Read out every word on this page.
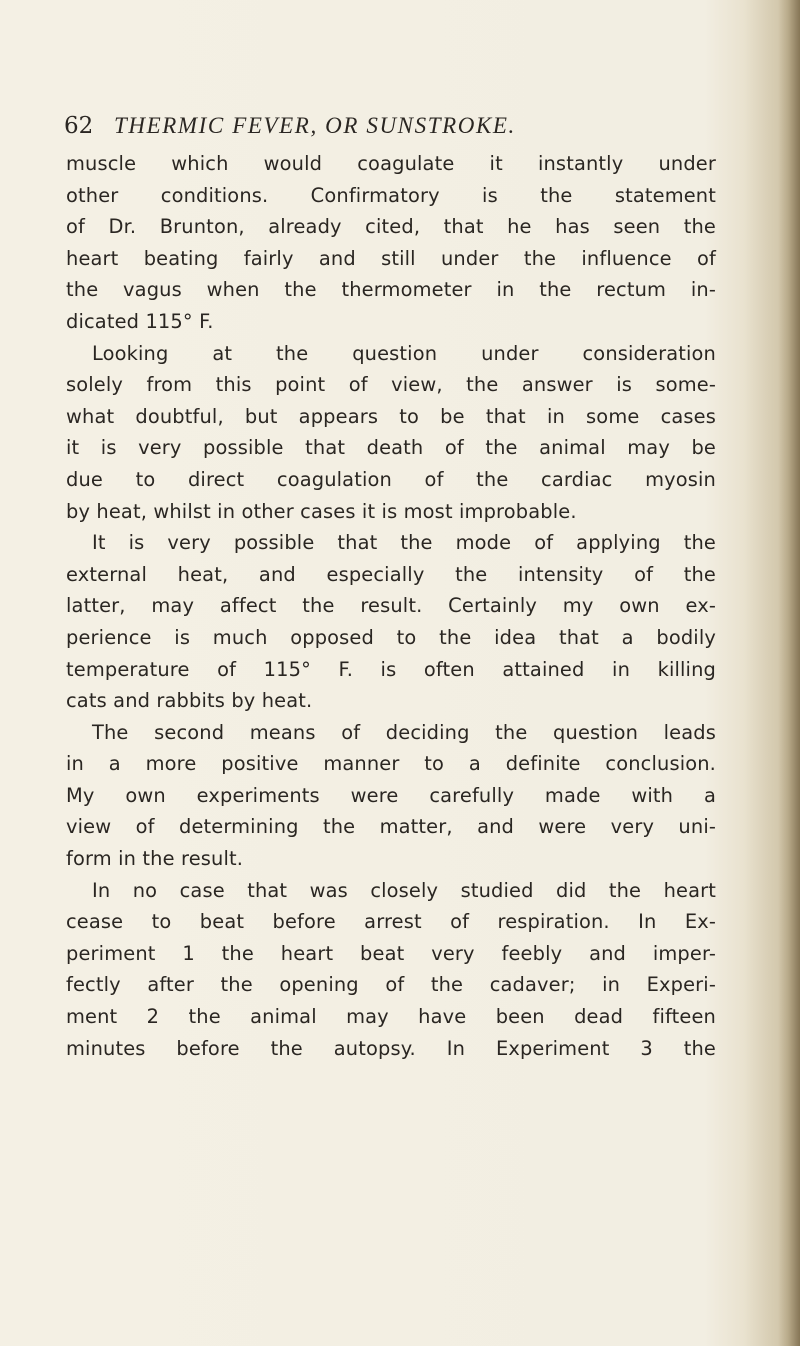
62 THERMIC FEVER, OR SUNSTROKE.
muscle which would coagulate it instantly under
other conditions. Confirmatory is the statement
of Dr. Brunton, already cited, that he has seen the
heart beating fairly and still under the influence of
the vagus when the thermometer in the rectum in-
dicated 115° F.
Looking at the question under consideration
solely from this point of view, the answer is some-
what doubtful, but appears to be that in some cases
it is very possible that death of the animal may be
due to direct coagulation of the cardiac myosin
by heat, whilst in other cases it is most improbable.
It is very possible that the mode of applying the
external heat, and especially the intensity of the
latter, may affect the result. Certainly my own ex-
perience is much opposed to the idea that a bodily
temperature of 115° F. is often attained in killing
cats and rabbits by heat.
The second means of deciding the question leads
in a more positive manner to a definite conclusion.
My own experiments were carefully made with a
view of determining the matter, and were very uni-
form in the result.
In no case that was closely studied did the heart
cease to beat before arrest of respiration. In Ex-
periment 1 the heart beat very feebly and imper-
fectly after the opening of the cadaver; in Experi-
ment 2 the animal may have been dead fifteen
minutes before the autopsy. In Experiment 3 the
